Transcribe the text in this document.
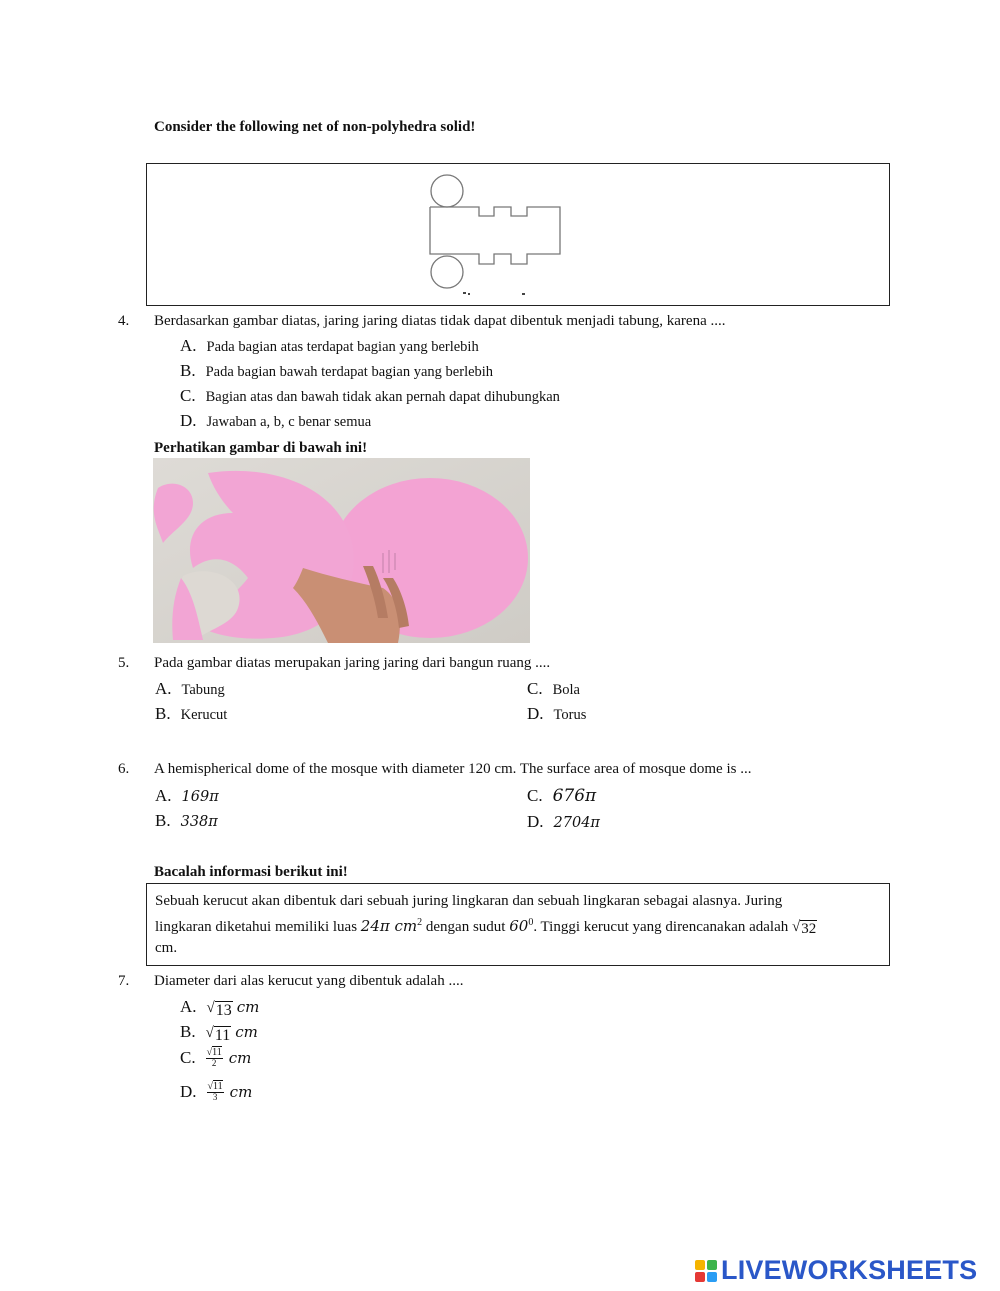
Consider the following net of non-polyhedra solid!
4. Berdasarkan gambar diatas, jaring jaring diatas tidak dapat dibentuk menjadi tabung, karena ....
A. Pada bagian atas terdapat bagian yang berlebih
B. Pada bagian bawah terdapat bagian yang berlebih
C. Bagian atas dan bawah tidak akan pernah dapat dihubungkan
D. Jawaban a, b, c benar semua
Perhatikan gambar di bawah ini!
5. Pada gambar diatas merupakan jaring jaring dari bangun ruang ....
A. Tabung
B. Kerucut
C. Bola
D. Torus
6. A hemispherical dome of the mosque with diameter 120 cm. The surface area of mosque dome is ...
A. 169π
B. 338π
C. 676π
D. 2704π
Bacalah informasi berikut ini!
Sebuah kerucut akan dibentuk dari sebuah juring lingkaran dan sebuah lingkaran sebagai alasnya. Juring
lingkaran diketahui memiliki luas 24π $cm^2$ dengan sudut $60^0$. Tinggi kerucut yang direncanakan adalah √ 32
cm.
7. Diameter dari alas kerucut yang dibentuk adalah ....
A. √ 13 cm
B. √ 11 cm
C. $\frac{√11}{2}$ cm
D. $\frac{√11}{3}$ cm
LIVEWORKSHEETS
